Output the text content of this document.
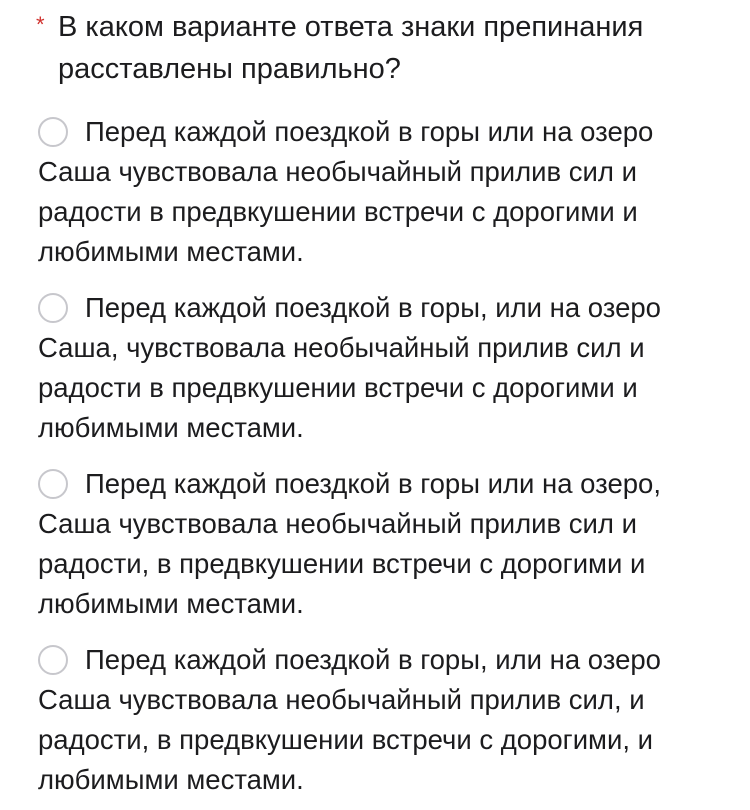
* В каком варианте ответа знаки препинания расставлены правильно?
Перед каждой поездкой в горы или на озеро Саша чувствовала необычайный прилив сил и радости в предвкушении встречи с дорогими и любимыми местами.
Перед каждой поездкой в горы, или на озеро Саша, чувствовала необычайный прилив сил и радости в предвкушении встречи с дорогими и любимыми местами.
Перед каждой поездкой в горы или на озеро, Саша чувствовала необычайный прилив сил и радости, в предвкушении встречи с дорогими и любимыми местами.
Перед каждой поездкой в горы, или на озеро Саша чувствовала необычайный прилив сил, и радости, в предвкушении встречи с дорогими, и любимыми местами.
